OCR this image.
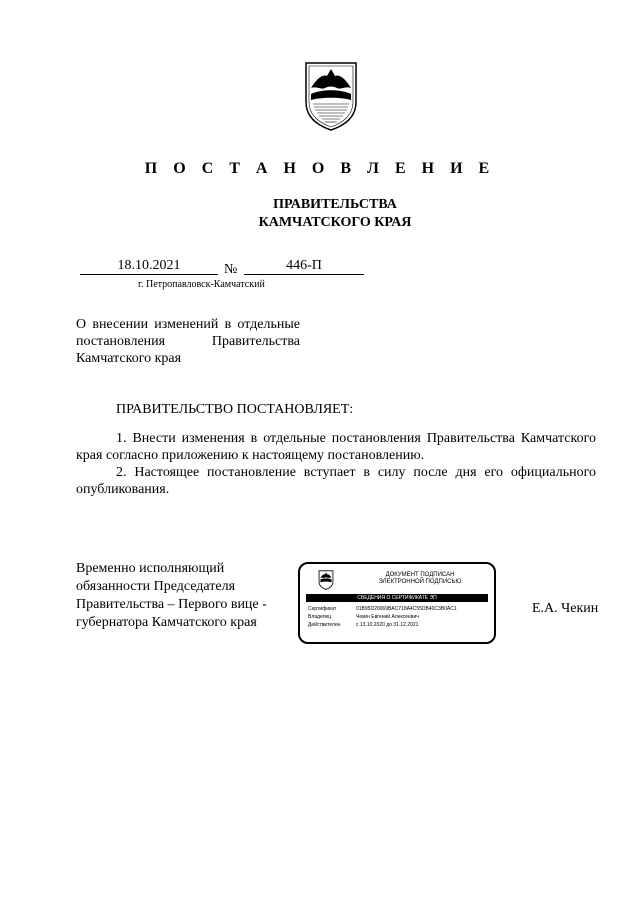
П О С Т А Н О В Л Е Н И Е
ПРАВИТЕЛЬСТВА
КАМЧАТСКОГО КРАЯ
18.10.2021	№	446-П
г. Петропавловск-Камчатский
О внесении изменений в отдельные постановления Правительства Камчатского края
ПРАВИТЕЛЬСТВО ПОСТАНОВЛЯЕТ:

1. Внести изменения в отдельные постановления Правительства Камчатского края согласно приложению к настоящему постановлению.

2. Настоящее постановление вступает в силу после дня его официального опубликования.

Временно исполняющий
обязанности Председателя
Правительства – Первого вице -
губернатора Камчатского края
ДОКУМЕНТ ПОДПИСАН
ЭЛЕКТРОННОЙ ПОДПИСЬЮ
СВЕДЕНИЯ О СЕРТИФИКАТЕ ЭП
Сертификат	01B95D20069BAC718A4C55DB40C3B0AC1
Владелец	Чекин Евгений Алексеевич
Действителен	с 13.10.2020 до 31.12.2021
Е.А. Чекин
